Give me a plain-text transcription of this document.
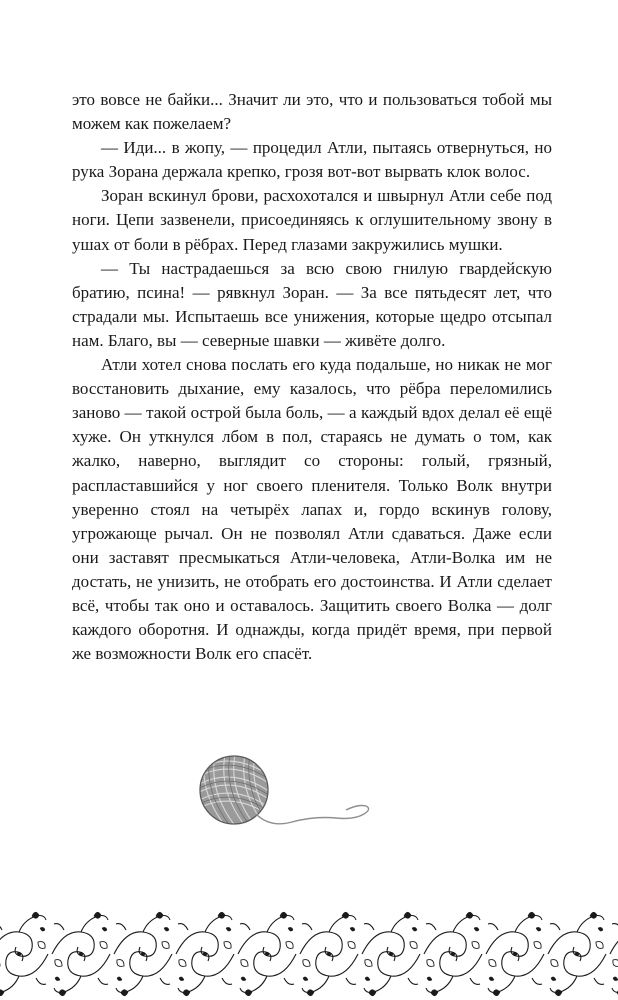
это вовсе не байки... Значит ли это, что и пользоваться тобой мы можем как пожелаем?

— Иди... в жопу, — процедил Атли, пытаясь отвернуться, но рука Зорана держала крепко, грозя вот-вот вырвать клок волос.

Зоран вскинул брови, расхохотался и швырнул Атли себе под ноги. Цепи зазвенели, присоединяясь к оглушительному звону в ушах от боли в рёбрах. Перед глазами закружились мушки.

— Ты настрадаешься за всю свою гнилую гвардейскую братию, псина! — рявкнул Зоран. — За все пятьдесят лет, что страдали мы. Испытаешь все унижения, которые щедро отсыпал нам. Благо, вы — северные шавки — живёте долго.

Атли хотел снова послать его куда подальше, но никак не мог восстановить дыхание, ему казалось, что рёбра переломились заново — такой острой была боль, — а каждый вдох делал её ещё хуже. Он уткнулся лбом в пол, стараясь не думать о том, как жалко, наверно, выглядит со стороны: голый, грязный, распластавшийся у ног своего пленителя. Только Волк внутри уверенно стоял на четырёх лапах и, гордо вскинув голову, угрожающе рычал. Он не позволял Атли сдаваться. Даже если они заставят пресмыкаться Атли-человека, Атли-Волка им не достать, не унизить, не отобрать его достоинства. И Атли сделает всё, чтобы так оно и оставалось. Защитить своего Волка — долг каждого оборотня. И однажды, когда придёт время, при первой же возможности Волк его спасёт.
